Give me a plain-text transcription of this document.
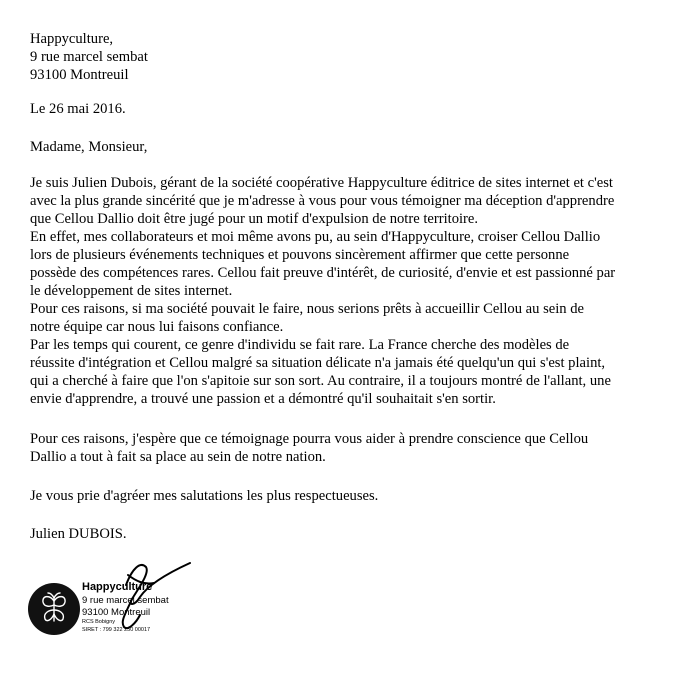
Happyculture,
9 rue marcel sembat
93100 Montreuil
Le 26 mai 2016.
Madame, Monsieur,
Je suis Julien Dubois, gérant de la société coopérative Happyculture éditrice de sites internet et c'est
avec la plus grande sincérité que je m'adresse à vous pour vous témoigner ma déception d'apprendre
que Cellou Dallio doit être jugé pour un motif d'expulsion de notre territoire.
En effet, mes collaborateurs et moi même avons pu, au sein d'Happyculture, croiser Cellou Dallio
lors de plusieurs événements techniques et pouvons sincèrement affirmer que cette personne
possède des compétences rares. Cellou fait preuve d'intérêt, de curiosité, d'envie et est passionné par
le développement de sites internet.
Pour ces raisons, si ma société pouvait le faire, nous serions prêts à accueillir Cellou au sein de
notre équipe car nous lui faisons confiance.
Par les temps qui courent, ce genre d'individu se fait rare. La France cherche des modèles de
réussite d'intégration et Cellou malgré sa situation délicate n'a jamais été quelqu'un qui s'est plaint,
qui a cherché à faire que l'on s'apitoie sur son sort. Au contraire, il a toujours montré de l'allant, une
envie d'apprendre, a trouvé une passion et a démontré qu'il souhaitait s'en sortir.
Pour ces raisons, j'espère que ce témoignage pourra vous aider à prendre conscience que Cellou
Dallio a tout à fait sa place au sein de notre nation.
Je vous prie d'agréer mes salutations les plus respectueuses.
Julien DUBOIS.
Happyculture
9 rue marcel sembat
93100 Montreuil
RCS Bobigny
SIRET : 799 322 250 00017
